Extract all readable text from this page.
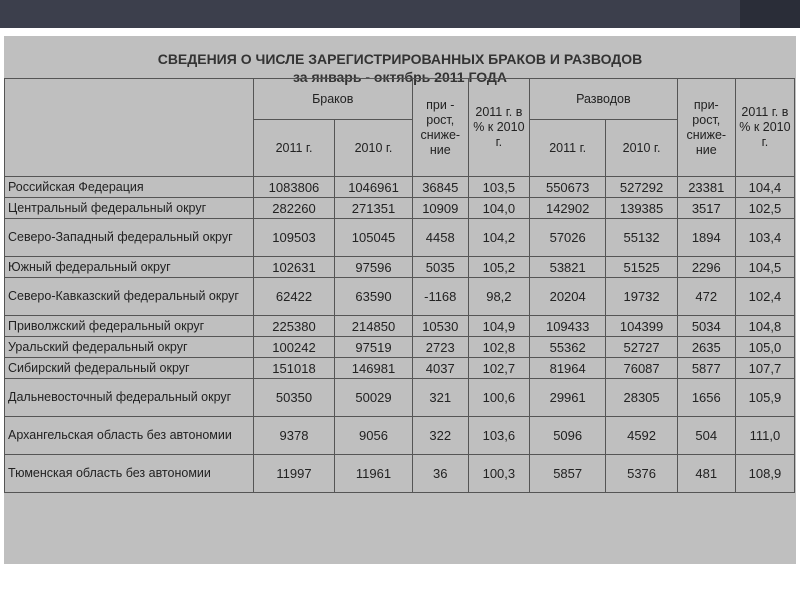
СВЕДЕНИЯ О ЧИСЛЕ ЗАРЕГИСТРИРОВАННЫХ БРАКОВ И РАЗВОДОВ
за январь - октябрь 2011 ГОДА
	Браков		при - рост, сниже- ние	2011 г. в % к 2010 г.	Разводов		при- рост, сниже- ние	2011 г. в % к 2010 г.
	2011 г.	2010 г.			2011 г.	2010 г.		
Российская Федерация	1083806	1046961	36845	103,5	550673	527292	23381	104,4
Центральный федеральный округ	282260	271351	10909	104,0	142902	139385	3517	102,5
Северо-Западный федеральный округ	109503	105045	4458	104,2	57026	55132	1894	103,4
Южный федеральный округ	102631	97596	5035	105,2	53821	51525	2296	104,5
Северо-Кавказский федеральный округ	62422	63590	-1168	98,2	20204	19732	472	102,4
Приволжский федеральный округ	225380	214850	10530	104,9	109433	104399	5034	104,8
Уральский федеральный округ	100242	97519	2723	102,8	55362	52727	2635	105,0
Сибирский федеральный округ	151018	146981	4037	102,7	81964	76087	5877	107,7
Дальневосточный федеральный округ	50350	50029	321	100,6	29961	28305	1656	105,9
Архангельская область без автономии	9378	9056	322	103,6	5096	4592	504	111,0
Тюменская область без автономии	11997	11961	36	100,3	5857	5376	481	108,9
